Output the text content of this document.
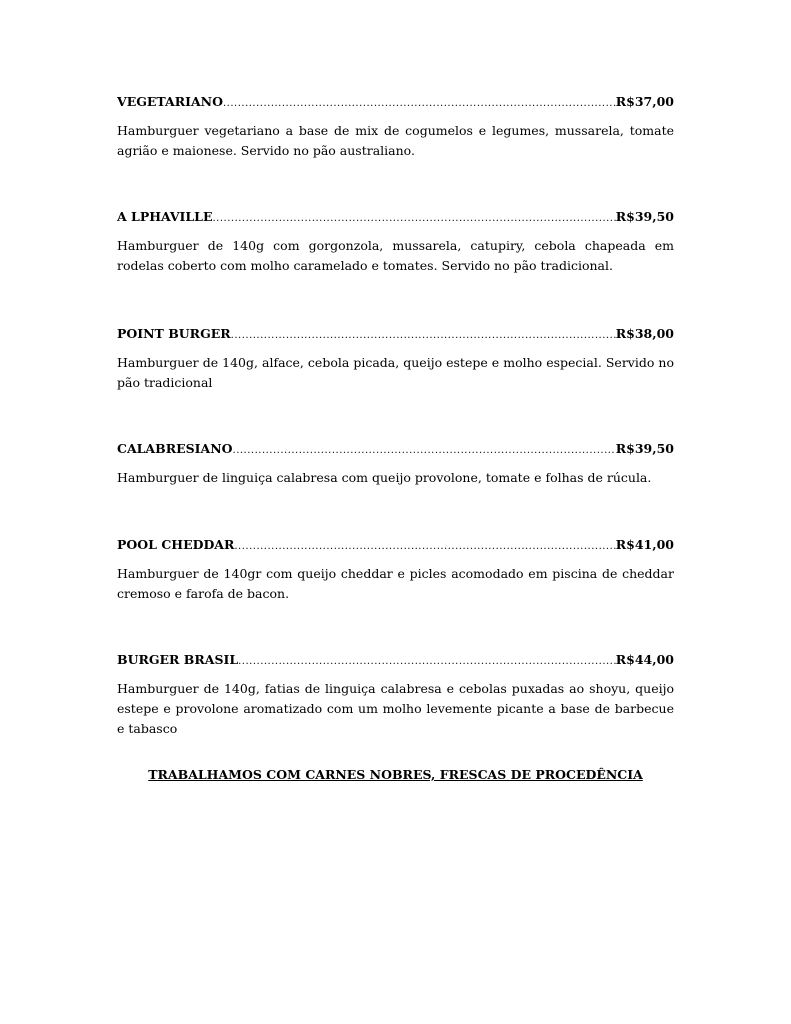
VEGETARIANO .....	R$37,00
Hamburguer vegetariano a base de mix de cogumelos e legumes, mussarela, tomate agrião e maionese. Servido no pão australiano.
A LPHAVILLE .....	R$39,50
Hamburguer de 140g com gorgonzola, mussarela, catupiry, cebola chapeada em rodelas coberto com molho caramelado e tomates. Servido no pão tradicional.
POINT BURGER .....	R$38,00
Hamburguer de 140g, alface, cebola picada, queijo estepe e molho especial. Servido no pão tradicional
CALABRESIANO .....	R$39,50
Hamburguer de linguiça calabresa com queijo provolone, tomate e folhas de rúcula.
POOL CHEDDAR .....	R$41,00
Hamburguer de 140gr com queijo cheddar e picles acomodado em piscina de cheddar cremoso e farofa de bacon.
BURGER BRASIL .....	R$44,00
Hamburguer de 140g, fatias de linguiça calabresa e cebolas puxadas ao shoyu, queijo estepe e provolone aromatizado com um molho levemente picante a base de barbecue e tabasco
TRABALHAMOS COM CARNES NOBRES, FRESCAS DE PROCEDÊNCIA
